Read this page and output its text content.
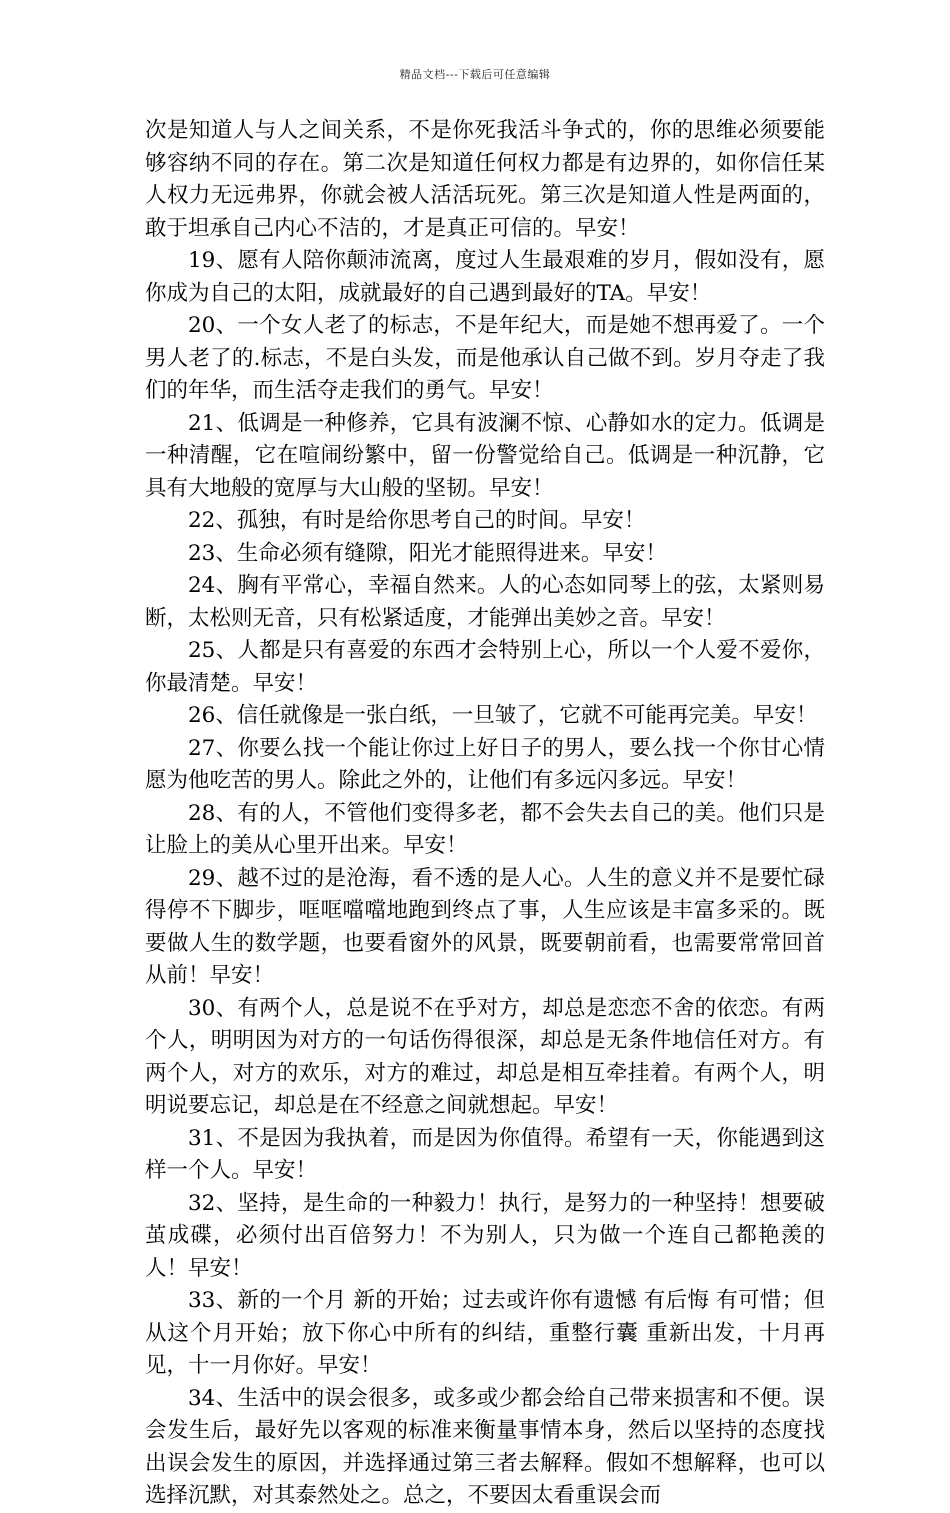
精品文档---下载后可任意编辑

次是知道人与人之间关系，不是你死我活斗争式的，你的思维必须要能够容纳不同的存在。第二次是知道任何权力都是有边界的，如你信任某人权力无远弗界，你就会被人活活玩死。第三次是知道人性是两面的，敢于坦承自己内心不洁的，才是真正可信的。早安！

19、愿有人陪你颠沛流离，度过人生最艰难的岁月，假如没有，愿你成为自己的太阳，成就最好的自己遇到最好的TA。早安！

20、一个女人老了的标志，不是年纪大，而是她不想再爱了。一个男人老了的.标志，不是白头发，而是他承认自己做不到。岁月夺走了我们的年华，而生活夺走我们的勇气。早安！

21、低调是一种修养，它具有波澜不惊、心静如水的定力。低调是一种清醒，它在喧闹纷繁中，留一份警觉给自己。低调是一种沉静，它具有大地般的宽厚与大山般的坚韧。早安！

22、孤独，有时是给你思考自己的时间。早安！

23、生命必须有缝隙，阳光才能照得进来。早安！

24、胸有平常心，幸福自然来。人的心态如同琴上的弦，太紧则易断，太松则无音，只有松紧适度，才能弹出美妙之音。早安！

25、人都是只有喜爱的东西才会特别上心，所以一个人爱不爱你，你最清楚。早安！

26、信任就像是一张白纸，一旦皱了，它就不可能再完美。早安！

27、你要么找一个能让你过上好日子的男人，要么找一个你甘心情愿为他吃苦的男人。除此之外的，让他们有多远闪多远。早安！

28、有的人，不管他们变得多老，都不会失去自己的美。他们只是让脸上的美从心里开出来。早安！

29、越不过的是沧海，看不透的是人心。人生的意义并不是要忙碌得停不下脚步，哐哐噹噹地跑到终点了事，人生应该是丰富多采的。既要做人生的数学题，也要看窗外的风景，既要朝前看，也需要常常回首从前！早安！

30、有两个人，总是说不在乎对方，却总是恋恋不舍的依恋。有两个人，明明因为对方的一句话伤得很深，却总是无条件地信任对方。有两个人，对方的欢乐，对方的难过，却总是相互牵挂着。有两个人，明明说要忘记，却总是在不经意之间就想起。早安！

31、不是因为我执着，而是因为你值得。希望有一天，你能遇到这样一个人。早安！

32、坚持，是生命的一种毅力！执行，是努力的一种坚持！想要破茧成碟，必须付出百倍努力！不为别人，只为做一个连自己都艳羡的人！早安！

33、新的一个月 新的开始；过去或许你有遗憾 有后悔 有可惜；但从这个月开始；放下你心中所有的纠结，重整行囊 重新出发，十月再见，十一月你好。早安！

34、生活中的误会很多，或多或少都会给自己带来损害和不便。误会发生后，最好先以客观的标准来衡量事情本身，然后以坚持的态度找出误会发生的原因，并选择通过第三者去解释。假如不想解释，也可以选择沉默，对其泰然处之。总之，不要因太看重误会而
